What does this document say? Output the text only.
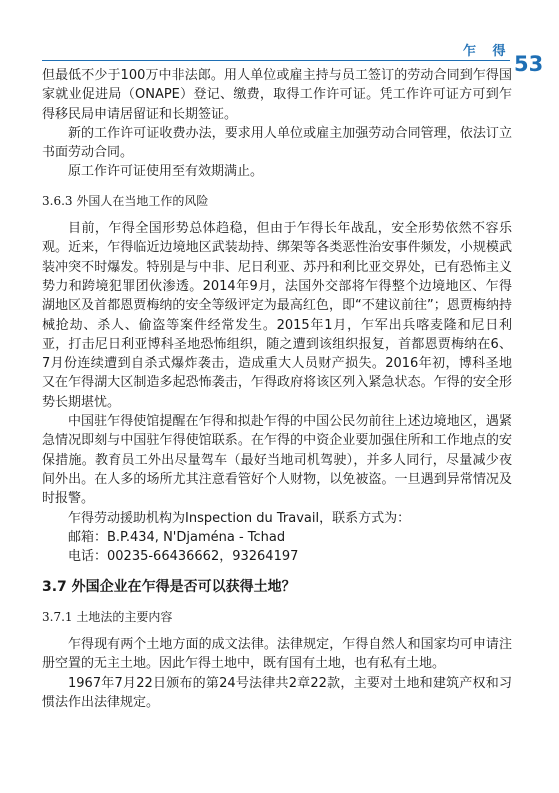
乍 得
53

但最低不少于100万中非法郎。用人单位或雇主持与员工签订的劳动合同到乍得国家就业促进局（ONAPE）登记、缴费，取得工作许可证。凭工作许可证方可到乍得移民局申请居留证和长期签证。

新的工作许可证收费办法，要求用人单位或雇主加强劳动合同管理，依法订立书面劳动合同。

原工作许可证使用至有效期满止。

3.6.3 外国人在当地工作的风险

目前，乍得全国形势总体趋稳，但由于乍得长年战乱，安全形势依然不容乐观。近来，乍得临近边境地区武装劫持、绑架等各类恶性治安事件频发，小规模武装冲突不时爆发。特别是与中非、尼日利亚、苏丹和利比亚交界处，已有恐怖主义势力和跨境犯罪团伙渗透。2014年9月，法国外交部将乍得整个边境地区、乍得湖地区及首都恩贾梅纳的安全等级评定为最高红色，即“不建议前往”；恩贾梅纳持械抢劫、杀人、偷盗等案件经常发生。2015年1月，乍军出兵喀麦隆和尼日利亚，打击尼日利亚博科圣地恐怖组织，随之遭到该组织报复，首都恩贾梅纳在6、7月份连续遭到自杀式爆炸袭击，造成重大人员财产损失。2016年初，博科圣地又在乍得湖大区制造多起恐怖袭击，乍得政府将该区列入紧急状态。乍得的安全形势长期堪忧。

中国驻乍得使馆提醒在乍得和拟赴乍得的中国公民勿前往上述边境地区，遇紧急情况即刻与中国驻乍得使馆联系。在乍得的中资企业要加强住所和工作地点的安保措施。教育员工外出尽量驾车（最好当地司机驾驶），并多人同行，尽量减少夜间外出。在人多的场所尤其注意看管好个人财物，以免被盗。一旦遇到异常情况及时报警。

乍得劳动援助机构为Inspection du Travail，联系方式为：

邮箱：B.P.434, N'Djaména - Tchad

电话：00235-66436662，93264197

3.7 外国企业在乍得是否可以获得土地？
3.7.1 土地法的主要内容

乍得现有两个土地方面的成文法律。法律规定，乍得自然人和国家均可申请注册空置的无主土地。因此乍得土地中，既有国有土地，也有私有土地。

1967年7月22日颁布的第24号法律共2章22款，主要对土地和建筑产权和习惯法作出法律规定。
